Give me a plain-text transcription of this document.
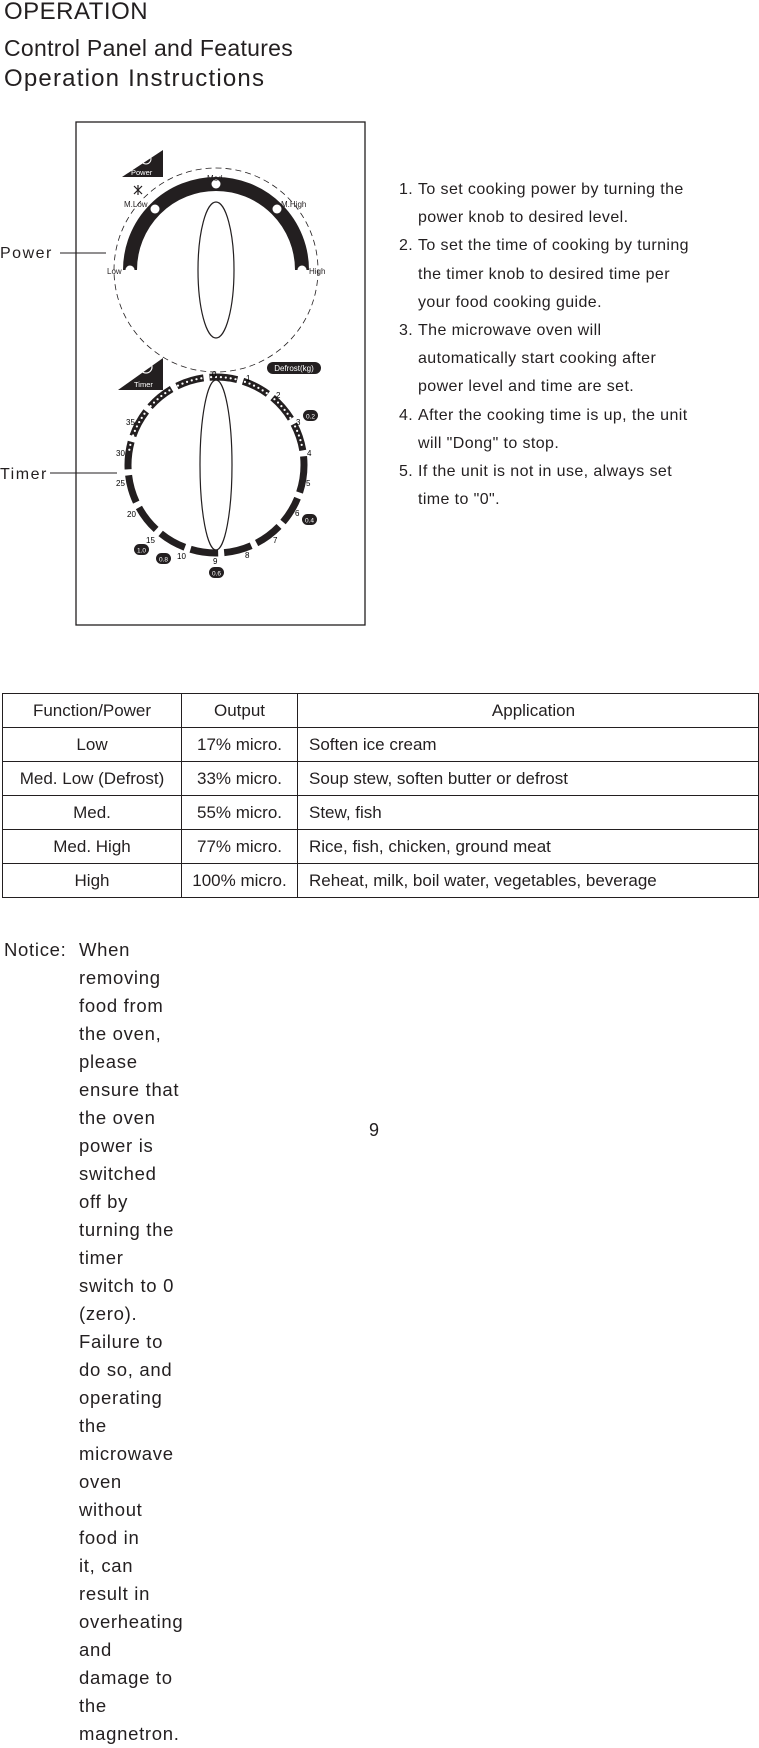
OPERATION
Control Panel and Features
Operation Instructions
Power
Timer
Power
Low
M.Low
Med
M.High
High
Timer
Defrost(kg)
0	1
2
3
4
5
6
7
8
9
10
15
20
25
30
35
0.2
0.4
0.6
0.8
1.0
1. To set cooking power by turning the
power knob to desired level.
2. To set the time of cooking by turning
the timer knob to desired time per
your food cooking guide.
3. The microwave oven will
automatically start cooking after
power level and time are set.
4. After the cooking time is up, the unit
will "Dong" to stop.
5. If the unit is not in use, always set
time to "0".
Function/Power	Output	Application
Low	17% micro.	Soften ice cream
Med. Low (Defrost)	33% micro.	Soup stew, soften butter or defrost
Med.	55% micro.	Stew, fish
Med. High	77% micro.	Rice, fish, chicken, ground meat
High	100% micro.	Reheat, milk, boil water, vegetables, beverage
Notice: When removing food from the oven, please ensure that the oven
power is switched off by turning the timer switch to 0 (zero).
Failure to do so, and operating the microwave oven without food in
it, can result in overheating and damage to the magnetron.
9
